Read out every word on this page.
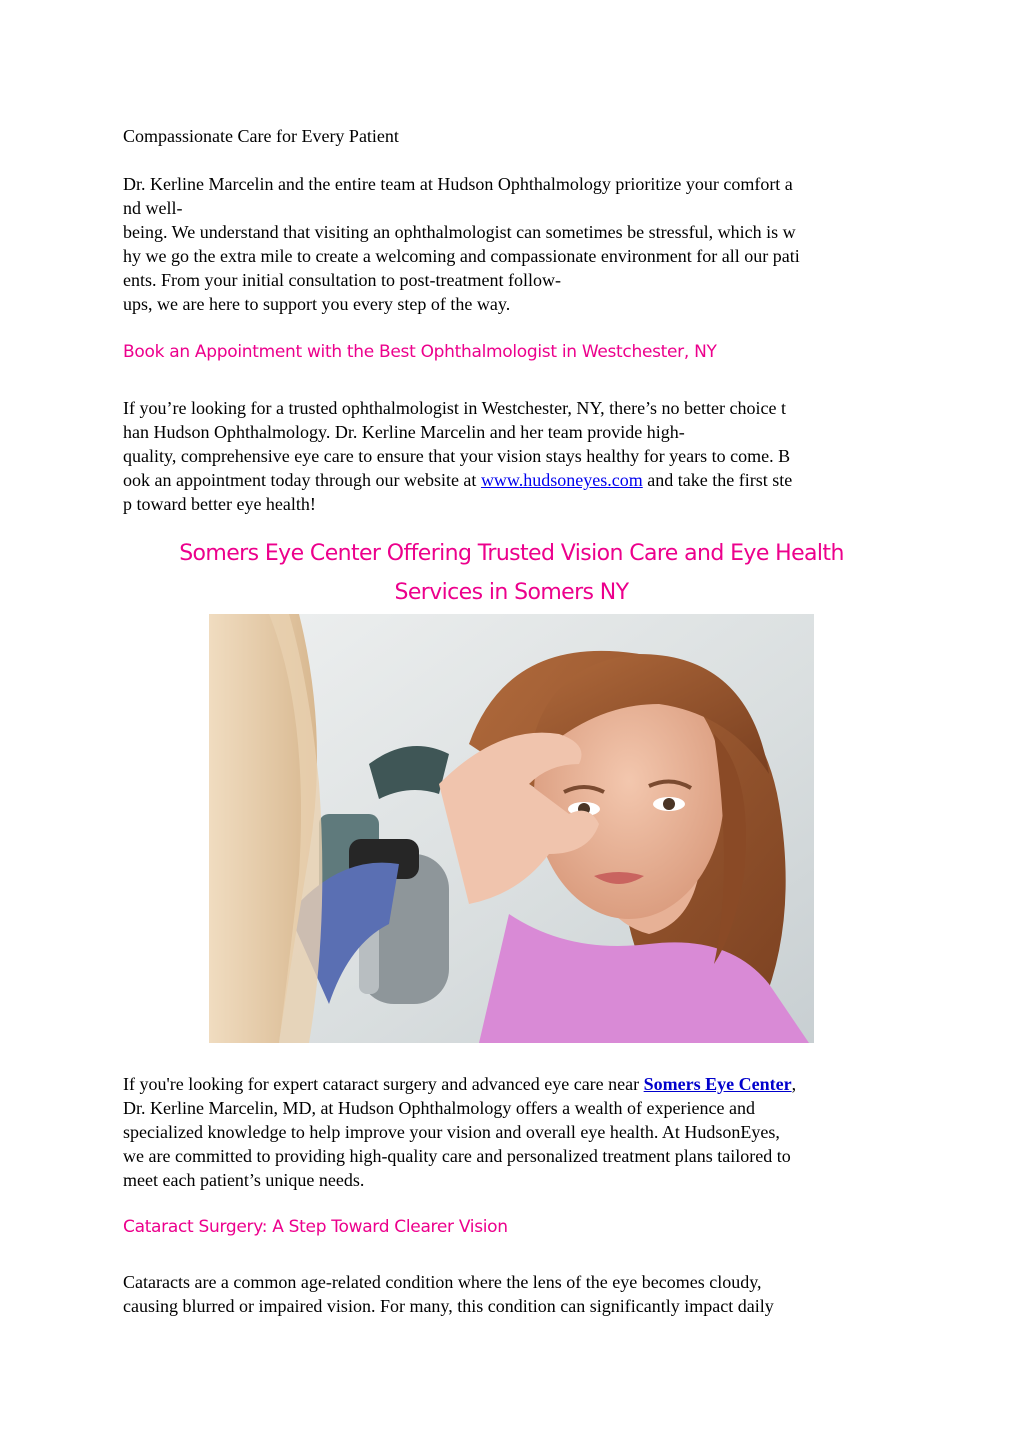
Compassionate Care for Every Patient

Dr. Kerline Marcelin and the entire team at Hudson Ophthalmology prioritize your comfort a

nd well-

being. We understand that visiting an ophthalmologist can sometimes be stressful, which is w

hy we go the extra mile to create a welcoming and compassionate environment for all our pati

ents. From your initial consultation to post-treatment follow-

ups, we are here to support you every step of the way.

Book an Appointment with the Best Ophthalmologist in Westchester, NY

If you’re looking for a trusted ophthalmologist in Westchester, NY, there’s no better choice t

han Hudson Ophthalmology. Dr. Kerline Marcelin and her team provide high-

quality, comprehensive eye care to ensure that your vision stays healthy for years to come. B

ook an appointment today through our website at www.hudsoneyes.com and take the first ste

p toward better eye health!

Somers Eye Center Offering Trusted Vision Care and Eye Health
Services in Somers NY

If you're looking for expert cataract surgery and advanced eye care near Somers Eye Center,

Dr. Kerline Marcelin, MD, at Hudson Ophthalmology offers a wealth of experience and

specialized knowledge to help improve your vision and overall eye health. At HudsonEyes,

we are committed to providing high-quality care and personalized treatment plans tailored to

meet each patient’s unique needs.

Cataract Surgery: A Step Toward Clearer Vision

Cataracts are a common age-related condition where the lens of the eye becomes cloudy,

causing blurred or impaired vision. For many, this condition can significantly impact daily
